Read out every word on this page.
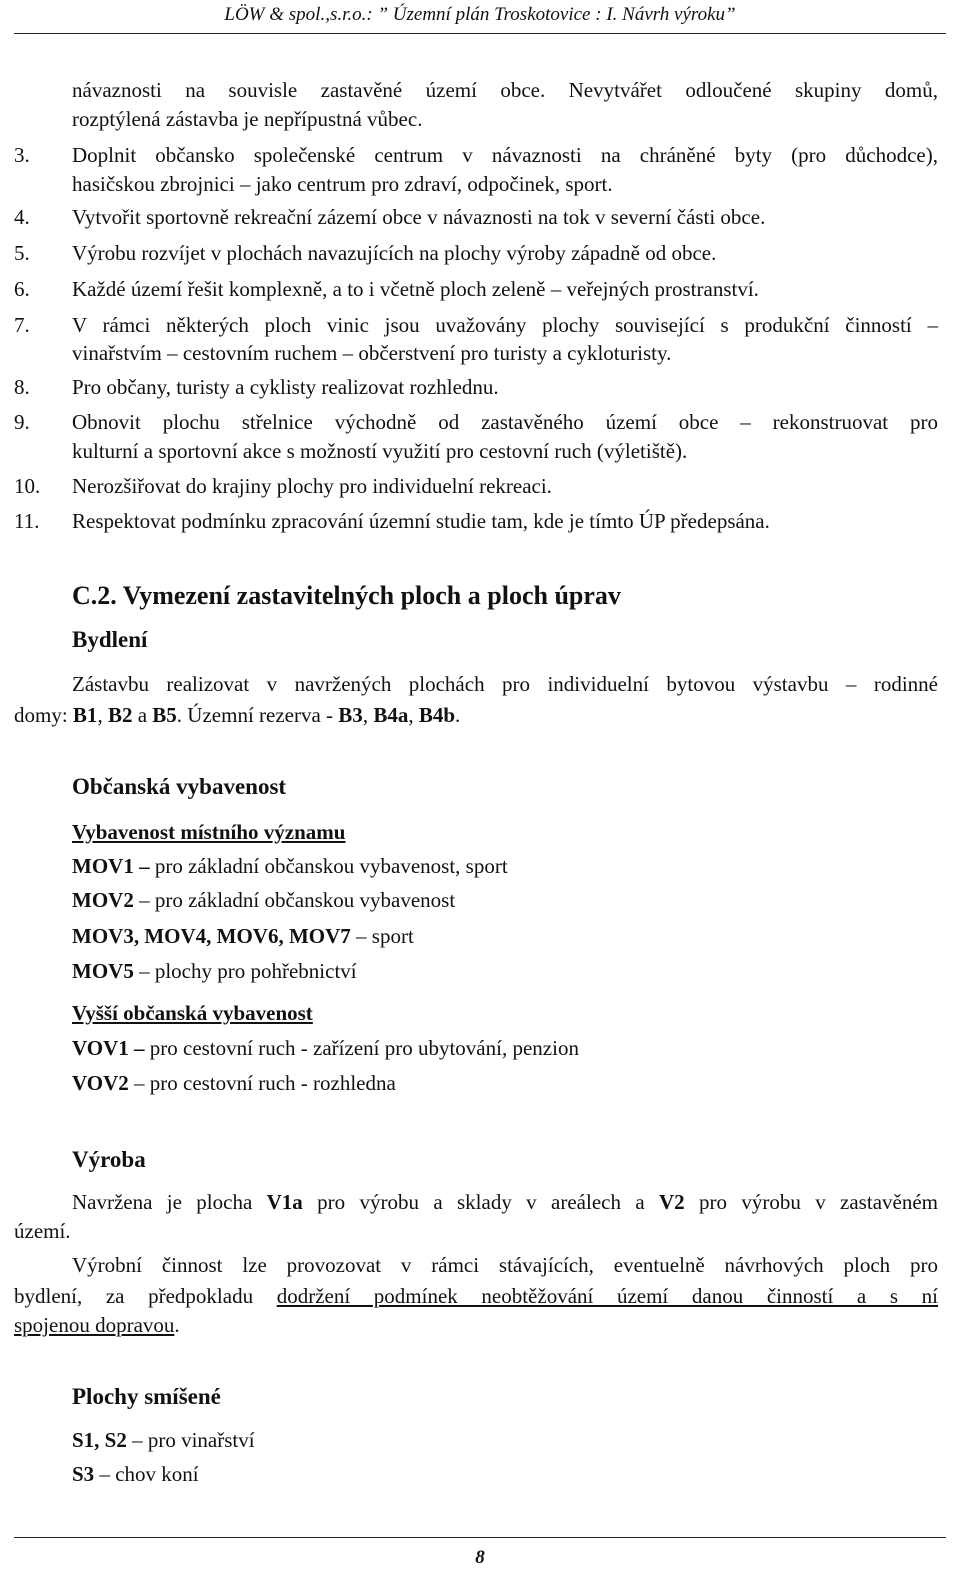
LÖW & spol.,s.r.o.: ” Územní plán Troskotovice : I. Návrh výroku”
návaznosti na souvisle zastavěné území obce. Nevytvářet odloučené skupiny domů,
rozptýlená zástavba je nepřípustná vůbec.
3. Doplnit občansko společenské centrum v návaznosti na chráněné byty (pro důchodce),
hasičskou zbrojnici – jako centrum pro zdraví, odpočinek, sport.
4. Vytvořit sportovně rekreační zázemí obce v návaznosti na tok v severní části obce.
5. Výrobu rozvíjet v plochách navazujících na plochy výroby západně od obce.
6. Každé území řešit komplexně, a to i včetně ploch zeleně – veřejných prostranství.
7. V rámci některých ploch vinic jsou uvažovány plochy související s produkční činností –
vinařstvím – cestovním ruchem – občerstvení pro turisty a cykloturisty.
8. Pro občany, turisty a cyklisty realizovat rozhlednu.
9. Obnovit plochu střelnice východně od zastavěného území obce – rekonstruovat pro
kulturní a sportovní akce s možností využití pro cestovní ruch (výletiště).
10. Nerozšiřovat do krajiny plochy pro individuelní rekreaci.
11. Respektovat podmínku zpracování územní studie tam, kde je tímto ÚP předepsána.
C.2. Vymezení zastavitelných ploch a ploch úprav
Bydlení
Zástavbu realizovat v navržených plochách pro individuelní bytovou výstavbu – rodinné
domy: B1, B2 a B5. Územní rezerva - B3, B4a, B4b.
Občanská vybavenost
Vybavenost místního významu
MOV1 – pro základní občanskou vybavenost, sport
MOV2 – pro základní občanskou vybavenost
MOV3, MOV4, MOV6, MOV7 – sport
MOV5 – plochy pro pohřebnictví
Vyšší občanská vybavenost
VOV1 – pro cestovní ruch - zařízení pro ubytování, penzion
VOV2 – pro cestovní ruch - rozhledna
Výroba
Navržena je plocha V1a pro výrobu a sklady v areálech a V2 pro výrobu v zastavěném
území.
Výrobní činnost lze provozovat v rámci stávajících, eventuelně návrhových ploch pro
bydlení, za předpokladu dodržení podmínek neobtěžování území danou činností a s ní
spojenou dopravou.
Plochy smíšené
S1, S2 – pro vinařství
S3 – chov koní
8
